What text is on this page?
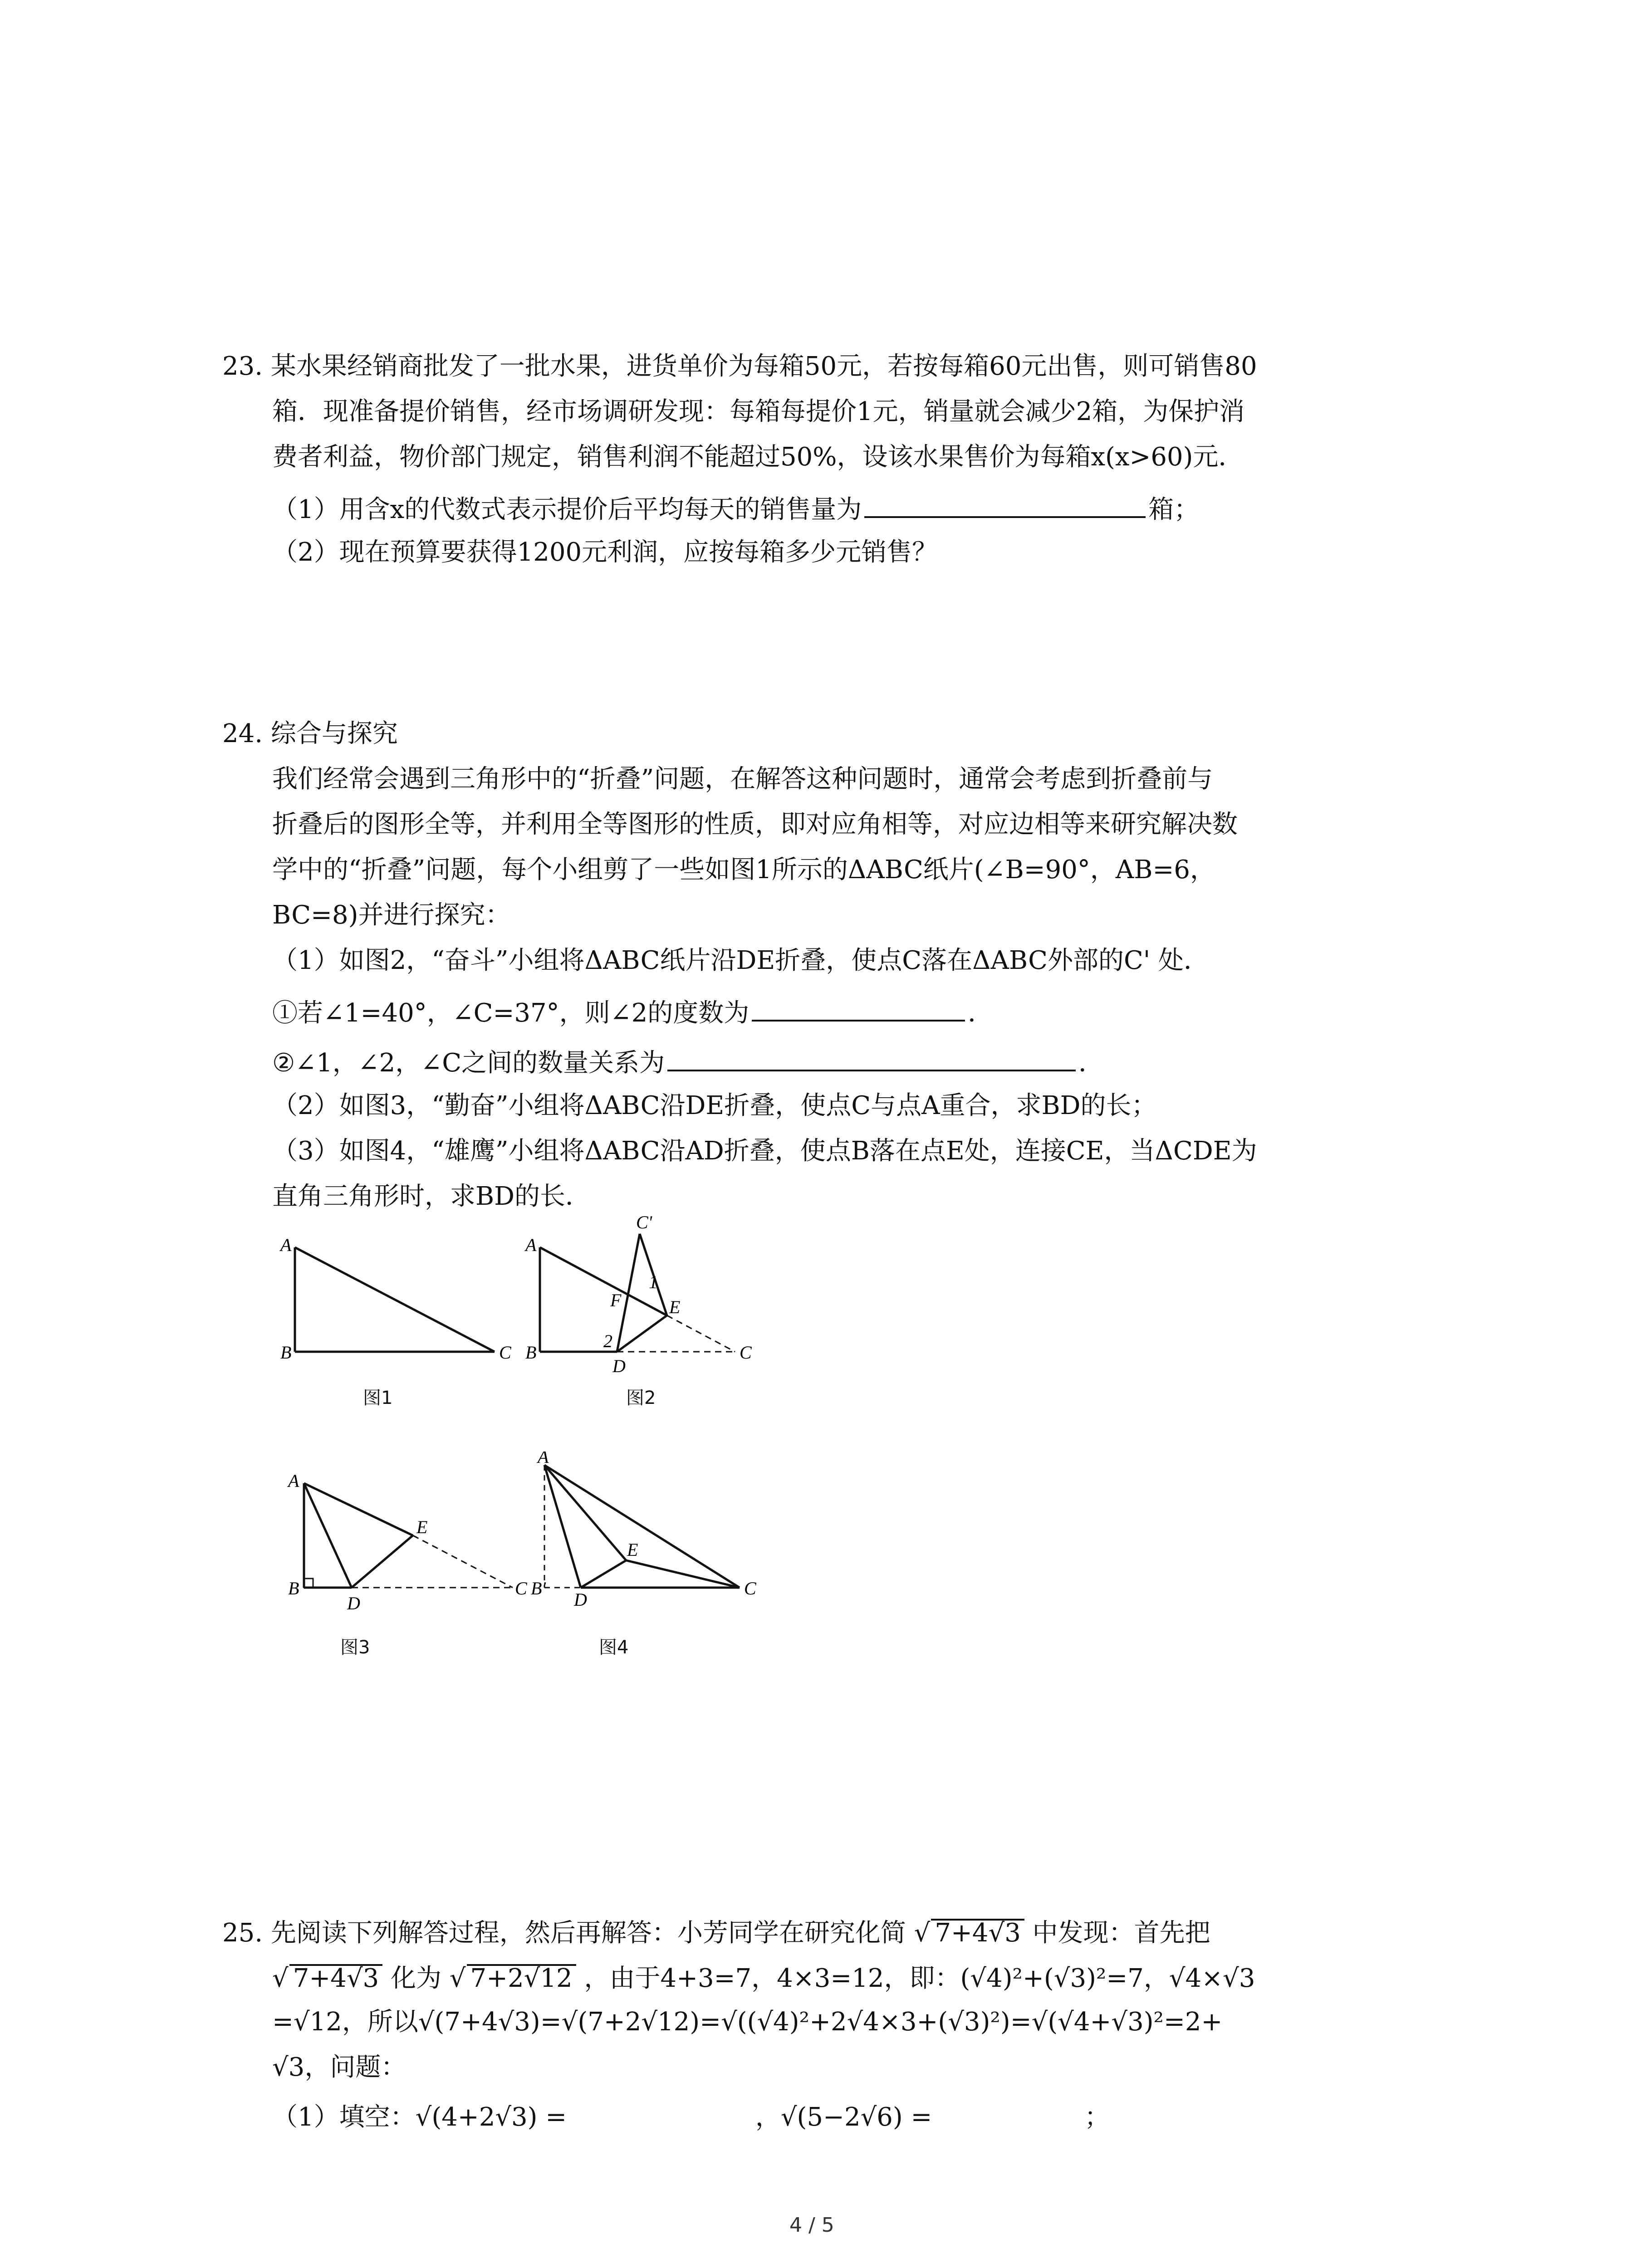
23. 某水果经销商批发了一批水果，进货单价为每箱50元，若按每箱60元出售，则可销售80
箱．现准备提价销售，经市场调研发现：每箱每提价1元，销量就会减少2箱，为保护消
费者利益，物价部门规定，销售利润不能超过50%，设该水果售价为每箱x(x>60)元．
（1）用含x的代数式表示提价后平均每天的销售量为	箱；
（2）现在预算要获得1200元利润，应按每箱多少元销售？
24. 综合与探究
我们经常会遇到三角形中的“折叠”问题，在解答这种问题时，通常会考虑到折叠前与
折叠后的图形全等，并利用全等图形的性质，即对应角相等，对应边相等来研究解决数
学中的“折叠”问题，每个小组剪了一些如图1所示的ΔABC纸片(∠B=90°，AB=6，
BC=8)并进行探究：
（1）如图2，“奋斗”小组将ΔABC纸片沿DE折叠，使点C落在ΔABC外部的C' 处．
①若∠1=40°，∠C=37°，则∠2的度数为	．
②∠1，∠2，∠C之间的数量关系为	．
（2）如图3，“勤奋”小组将ΔABC沿DE折叠，使点C与点A重合，求BD的长；
（3）如图4，“雄鹰”小组将ΔABC沿AD折叠，使点B落在点E处，连接CE，当ΔCDE为
直角三角形时，求BD的长．
A
B	C
图1
A
B	C
D
E
F
C'
1
2
图2
A
B	C
D
E
图3
A
B'	C
D
E
图4
25. 先阅读下列解答过程，然后再解答：小芳同学在研究化简 √ 7+4√3 中发现：首先把
√ 7+4√3 化为 √ 7+2√12 ，由于4+3=7，4×3=12，即：(√4)²+(√3)²=7，√4×√3
=√12，所以√(7+4√3)=√(7+2√12)=√((√4)²+2√4×3+(√3)²)=√(√4+√3)²=2+
√3，问题：
（1）填空：√(4+2√3) =	，√(5−2√6) =	；
4 / 5
